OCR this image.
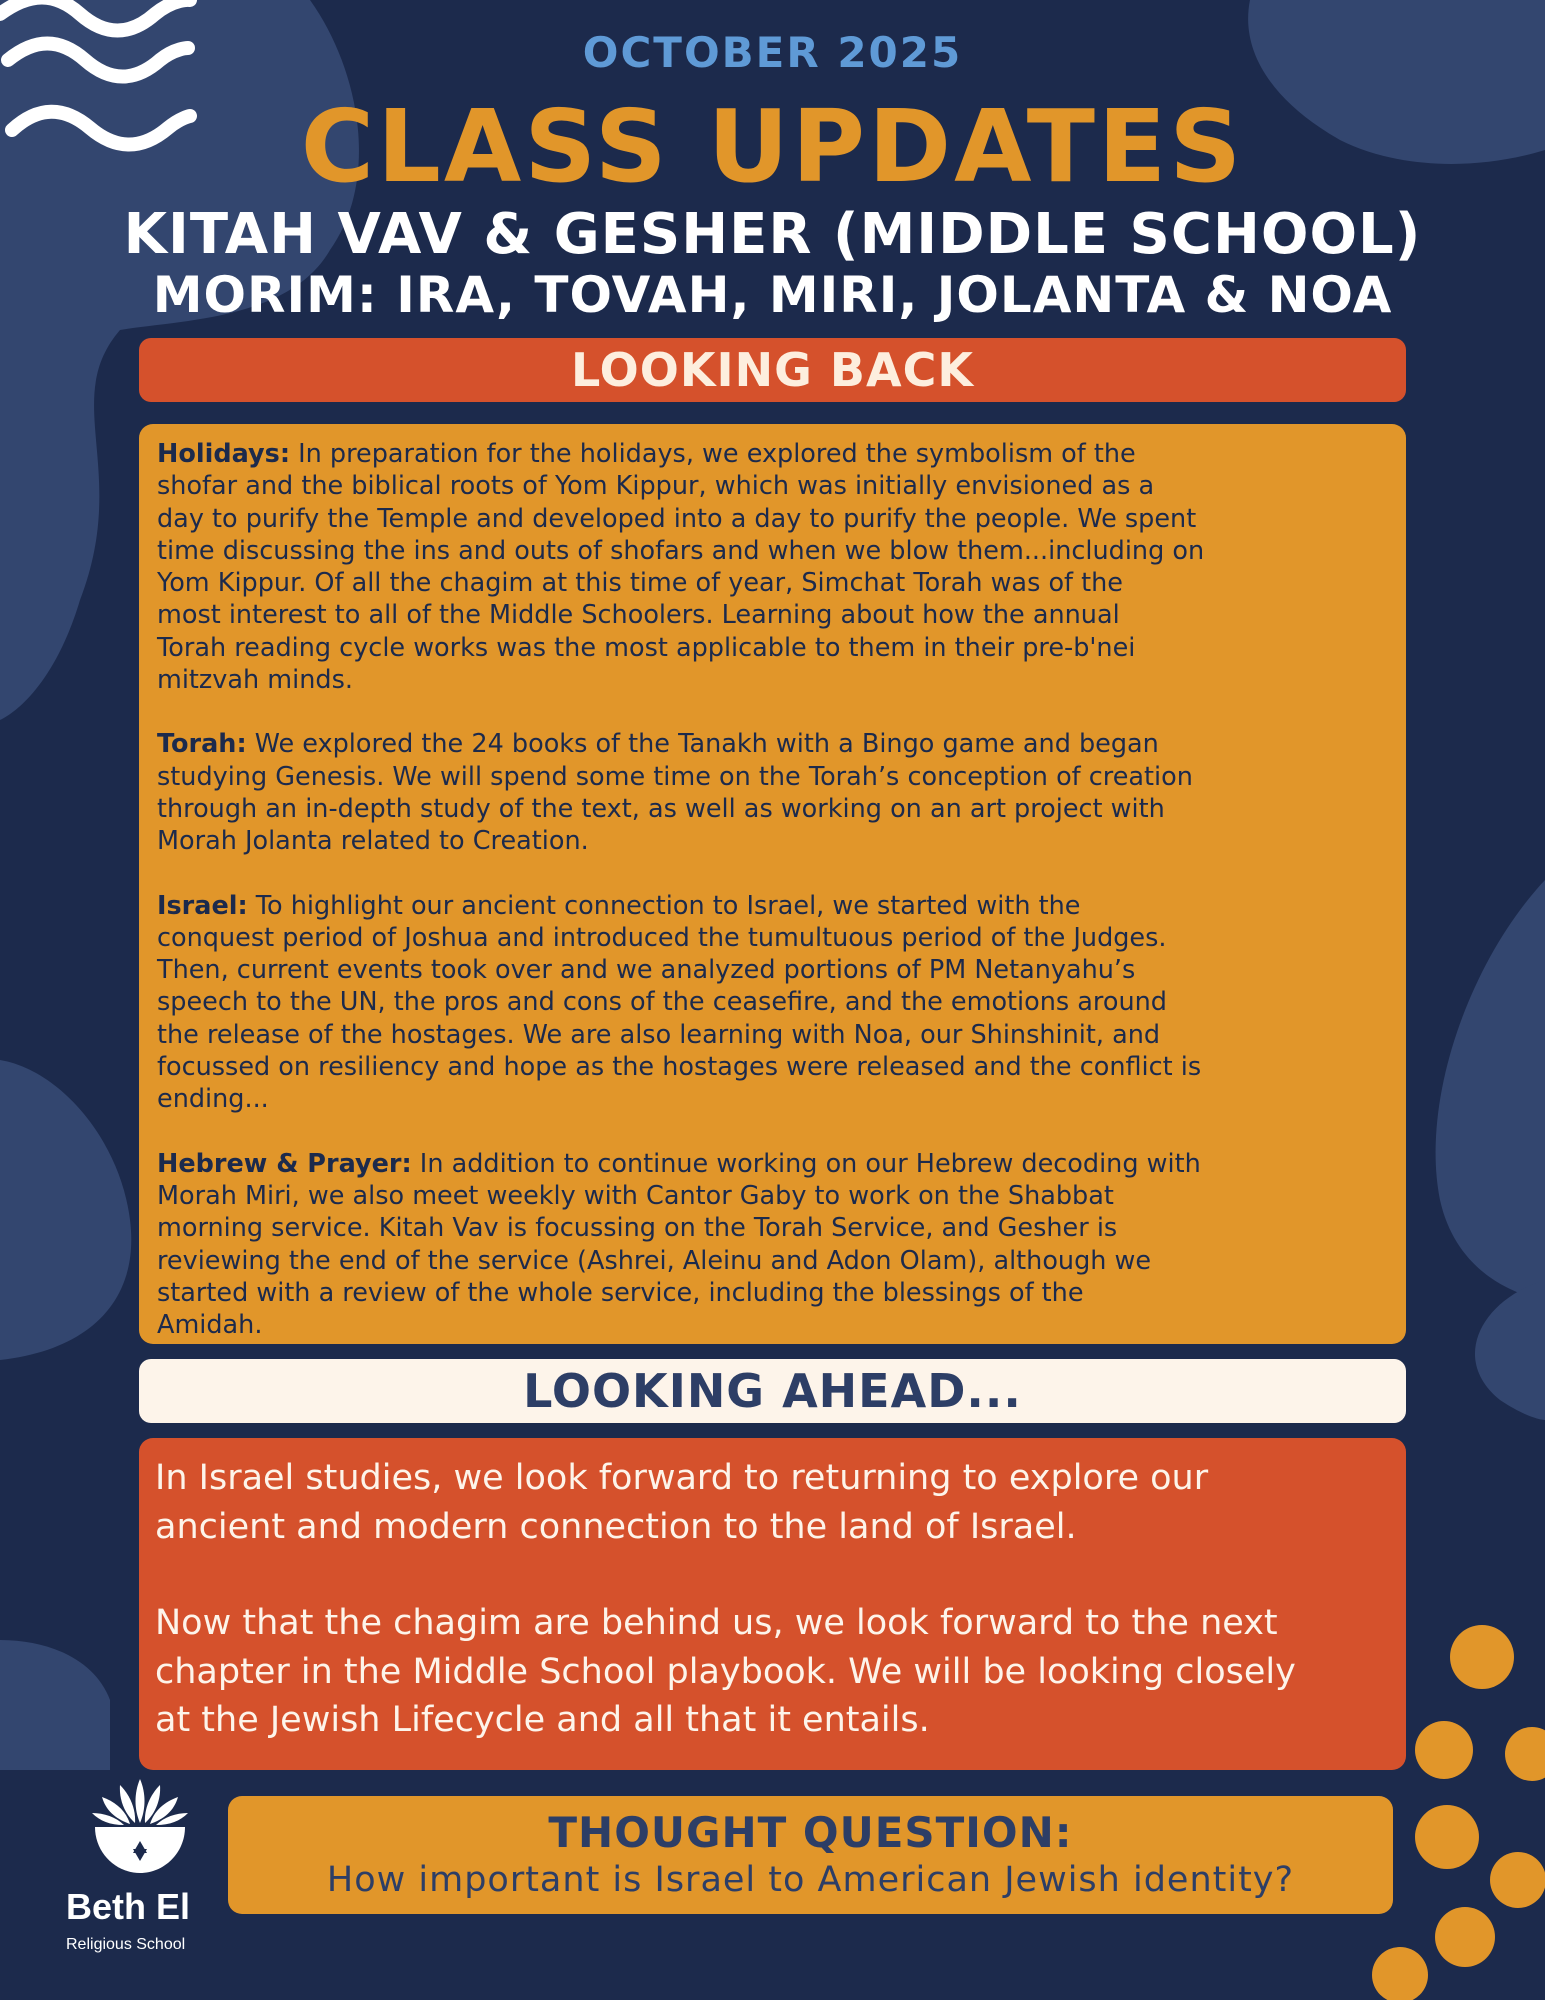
OCTOBER 2025
CLASS UPDATES
KITAH VAV & GESHER (MIDDLE SCHOOL)
MORIM: IRA, TOVAH, MIRI, JOLANTA & NOA
LOOKING BACK
Holidays: In preparation for the holidays, we explored the symbolism of the
shofar and the biblical roots of Yom Kippur, which was initially envisioned as a
day to purify the Temple and developed into a day to purify the people. We spent
time discussing the ins and outs of shofars and when we blow them...including on
Yom Kippur. Of all the chagim at this time of year, Simchat Torah was of the
most interest to all of the Middle Schoolers. Learning about how the annual
Torah reading cycle works was the most applicable to them in their pre-b'nei
mitzvah minds.
Torah: We explored the 24 books of the Tanakh with a Bingo game and began
studying Genesis. We will spend some time on the Torah’s conception of creation
through an in-depth study of the text, as well as working on an art project with
Morah Jolanta related to Creation.
Israel: To highlight our ancient connection to Israel, we started with the
conquest period of Joshua and introduced the tumultuous period of the Judges.
Then, current events took over and we analyzed portions of PM Netanyahu’s
speech to the UN, the pros and cons of the ceasefire, and the emotions around
the release of the hostages. We are also learning with Noa, our Shinshinit, and
focussed on resiliency and hope as the hostages were released and the conflict is
ending...
Hebrew & Prayer: In addition to continue working on our Hebrew decoding with
Morah Miri, we also meet weekly with Cantor Gaby to work on the Shabbat
morning service. Kitah Vav is focussing on the Torah Service, and Gesher is
reviewing the end of the service (Ashrei, Aleinu and Adon Olam), although we
started with a review of the whole service, including the blessings of the
Amidah.
LOOKING AHEAD...

In Israel studies, we look forward to returning to explore our
ancient and modern connection to the land of Israel.

Now that the chagim are behind us, we look forward to the next
chapter in the Middle School playbook. We will be looking closely
at the Jewish Lifecycle and all that it entails.

THOUGHT QUESTION:
How important is Israel to American Jewish identity?
Beth El
Religious School
